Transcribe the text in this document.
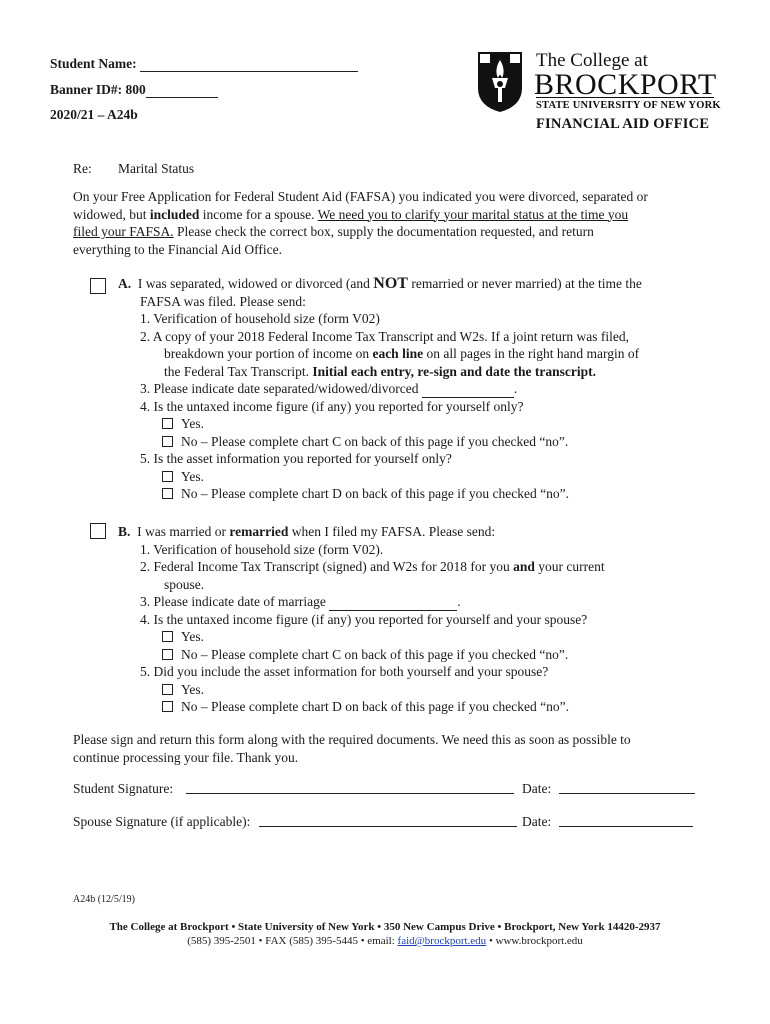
Student Name:
Banner ID#: 800
2020/21 – A24b
The College at
BROCKPORT
STATE UNIVERSITY OF NEW YORK
FINANCIAL AID OFFICE
Re: Marital Status
On your Free Application for Federal Student Aid (FAFSA) you indicated you were divorced, separated or
widowed, but included income for a spouse. We need you to clarify your marital status at the time you
filed your FAFSA. Please check the correct box, supply the documentation requested, and return
everything to the Financial Aid Office.
A. I was separated, widowed or divorced (and NOT remarried or never married) at the time the
FAFSA was filed. Please send:
1. Verification of household size (form V02)
2. A copy of your 2018 Federal Income Tax Transcript and W2s. If a joint return was filed,
breakdown your portion of income on each line on all pages in the right hand margin of
the Federal Tax Transcript. Initial each entry, re-sign and date the transcript.
3. Please indicate date separated/widowed/divorced	.
4. Is the untaxed income figure (if any) you reported for yourself only?
Yes.
No – Please complete chart C on back of this page if you checked “no”.
5. Is the asset information you reported for yourself only?
Yes.
No – Please complete chart D on back of this page if you checked “no”.
B. I was married or remarried when I filed my FAFSA. Please send:
1. Verification of household size (form V02).
2. Federal Income Tax Transcript (signed) and W2s for 2018 for you and your current
spouse.
3. Please indicate date of marriage	.
4. Is the untaxed income figure (if any) you reported for yourself and your spouse?
Yes.
No – Please complete chart C on back of this page if you checked “no”.
5. Did you include the asset information for both yourself and your spouse?
Yes.
No – Please complete chart D on back of this page if you checked “no”.
Please sign and return this form along with the required documents. We need this as soon as possible to
continue processing your file. Thank you.
Student Signature:	Date:
Spouse Signature (if applicable):	Date:
A24b (12/5/19)
The College at Brockport • State University of New York • 350 New Campus Drive • Brockport, New York 14420-2937
(585) 395-2501 • FAX (585) 395-5445 • email: faid@brockport.edu • www.brockport.edu
